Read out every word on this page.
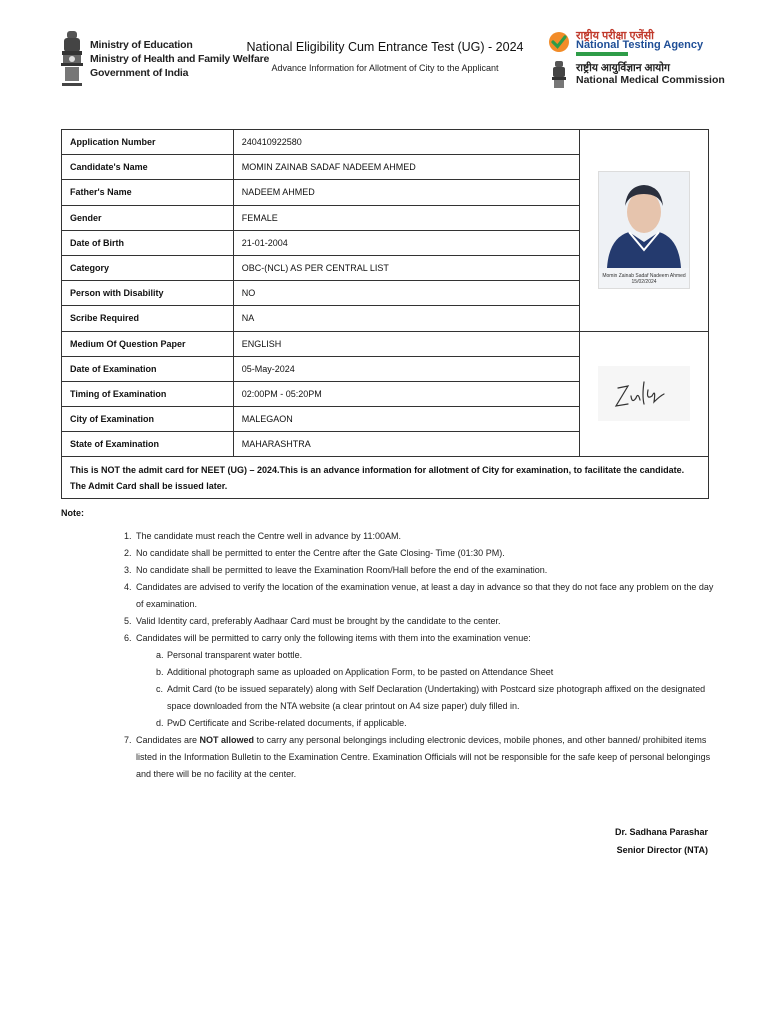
Ministry of Education
Ministry of Health and Family Welfare
Government of India
National Eligibility Cum Entrance Test (UG) - 2024
Advance Information for Allotment of City to the Applicant
राष्ट्रीय परीक्षा एजेंसी
National Testing Agency
राष्ट्रीय आयुर्विज्ञान आयोग
National Medical Commission
Application Number	240410922580	Momin Zainab Sadaf Nadeem Ahmed
15/02/2024

Candidate's Name	MOMIN ZAINAB SADAF NADEEM AHMED	
Father's Name	NADEEM AHMED	
Gender	FEMALE	
Date of Birth	21-01-2004	
Category	OBC-(NCL) AS PER CENTRAL LIST	
Person with Disability	NO	
Scribe Required	NA	
Medium Of Question Paper	ENGLISH	
Date of Examination	05-May-2024	
Timing of Examination	02:00PM - 05:20PM	
City of Examination	MALEGAON	
State of Examination	MAHARASHTRA	
This is NOT the admit card for NEET (UG) – 2024.This is an advance information for allotment of City for examination, to facilitate the candidate. The Admit Card shall be issued later.		
Note:
1. The candidate must reach the Centre well in advance by 11:00AM.
2. No candidate shall be permitted to enter the Centre after the Gate Closing- Time (01:30 PM).
3. No candidate shall be permitted to leave the Examination Room/Hall before the end of the examination.
4. Candidates are advised to verify the location of the examination venue, at least a day in advance so that they do not face any problem on the day of examination.
5. Valid Identity card, preferably Aadhaar Card must be brought by the candidate to the center.
6. Candidates will be permitted to carry only the following items with them into the examination venue:
a. Personal transparent water bottle.
b. Additional photograph same as uploaded on Application Form, to be pasted on Attendance Sheet
c. Admit Card (to be issued separately) along with Self Declaration (Undertaking) with Postcard size photograph affixed on the designated space downloaded from the NTA website (a clear printout on A4 size paper) duly filled in.
d. PwD Certificate and Scribe-related documents, if applicable.
7. Candidates are NOT allowed to carry any personal belongings including electronic devices, mobile phones, and other banned/ prohibited items listed in the Information Bulletin to the Examination Centre. Examination Officials will not be responsible for the safe keep of personal belongings and there will be no facility at the center.
Dr. Sadhana Parashar
Senior Director (NTA)
